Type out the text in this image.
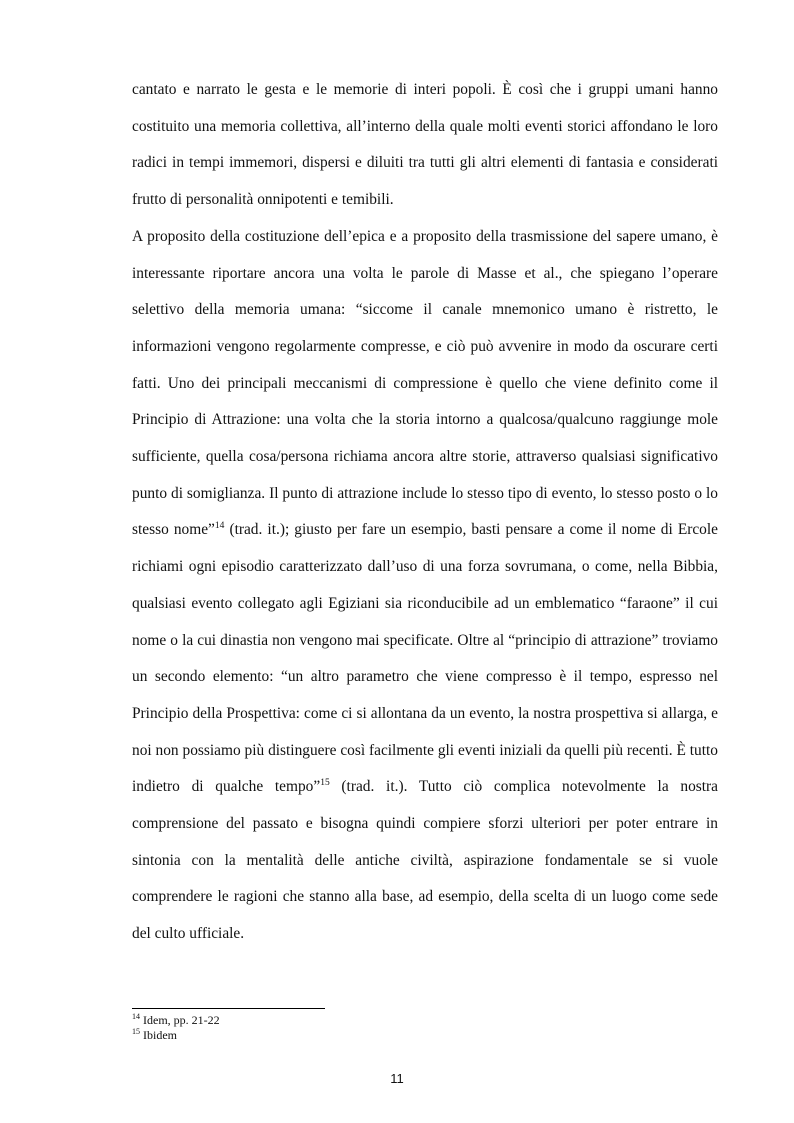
cantato e narrato le gesta e le memorie di interi popoli. È così che i gruppi umani hanno costituito una memoria collettiva, all’interno della quale molti eventi storici affondano le loro radici in tempi immemori, dispersi e diluiti tra tutti gli altri elementi di fantasia e considerati frutto di personalità onnipotenti e temibili.

A proposito della costituzione dell’epica e a proposito della trasmissione del sapere umano, è interessante riportare ancora una volta le parole di Masse et al., che spiegano l’operare selettivo della memoria umana: “siccome il canale mnemonico umano è ristretto, le informazioni vengono regolarmente compresse, e ciò può avvenire in modo da oscurare certi fatti. Uno dei principali meccanismi di compressione è quello che viene definito come il Principio di Attrazione: una volta che la storia intorno a qualcosa/qualcuno raggiunge mole sufficiente, quella cosa/persona richiama ancora altre storie, attraverso qualsiasi significativo punto di somiglianza. Il punto di attrazione include lo stesso tipo di evento, lo stesso posto o lo stesso nome”$^{14}$ (trad. it.); giusto per fare un esempio, basti pensare a come il nome di Ercole richiami ogni episodio caratterizzato dall’uso di una forza sovrumana, o come, nella Bibbia, qualsiasi evento collegato agli Egiziani sia riconducibile ad un emblematico “faraone” il cui nome o la cui dinastia non vengono mai specificate. Oltre al “principio di attrazione” troviamo un secondo elemento: “un altro parametro che viene compresso è il tempo, espresso nel Principio della Prospettiva: come ci si allontana da un evento, la nostra prospettiva si allarga, e noi non possiamo più distinguere così facilmente gli eventi iniziali da quelli più recenti. È tutto indietro di qualche tempo”$^{15}$ (trad. it.). Tutto ciò complica notevolmente la nostra comprensione del passato e bisogna quindi compiere sforzi ulteriori per poter entrare in sintonia con la mentalità delle antiche civiltà, aspirazione fondamentale se si vuole comprendere le ragioni che stanno alla base, ad esempio, della scelta di un luogo come sede del culto ufficiale.

$^{14}$ Idem, pp. 21-22
$^{15}$ Ibidem
11
